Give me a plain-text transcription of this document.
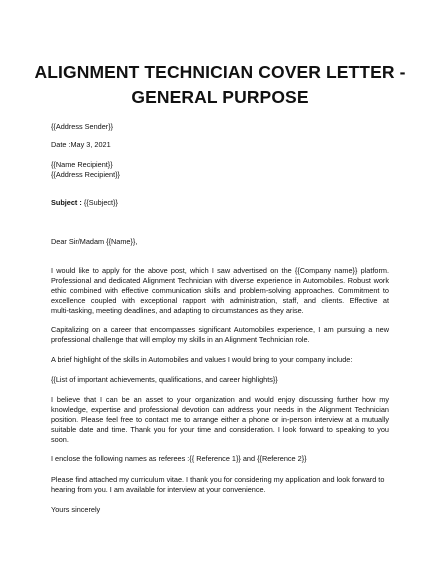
ALIGNMENT TECHNICIAN COVER LETTER -
GENERAL PURPOSE
{{Address Sender}}
Date :May 3, 2021
{{Name Recipient}}
{{Address Recipient}}
Subject : {{Subject}}
Dear Sir/Madam {{Name}},
I would like to apply for the above post, which I saw advertised on the {{Company name}} platform.
Professional and dedicated Alignment Technician with diverse experience in Automobiles. Robust work
ethic combined with effective communication skills and problem-solving approaches. Commitment to
excellence coupled with exceptional rapport with administration, staff, and clients. Effective at
multi-tasking, meeting deadlines, and adapting to circumstances as they arise.
Capitalizing on a career that encompasses significant Automobiles experience, I am pursuing a new
professional challenge that will employ my skills in an Alignment Technician role.
A brief highlight of the skills in Automobiles and values I would bring to your company include:
{{List of important achievements, qualifications, and career highlights}}
I believe that I can be an asset to your organization and would enjoy discussing further how my
knowledge, expertise and professional devotion can address your needs in the Alignment Technician
position. Please feel free to contact me to arrange either a phone or in-person interview at a mutually
suitable date and time. Thank you for your time and consideration. I look forward to speaking to you
soon.
I enclose the following names as referees :{{ Reference 1}} and {{Reference 2}}
Please find attached my curriculum vitae. I thank you for considering my application and look forward to
hearing from you. I am available for interview at your convenience.
Yours sincerely
